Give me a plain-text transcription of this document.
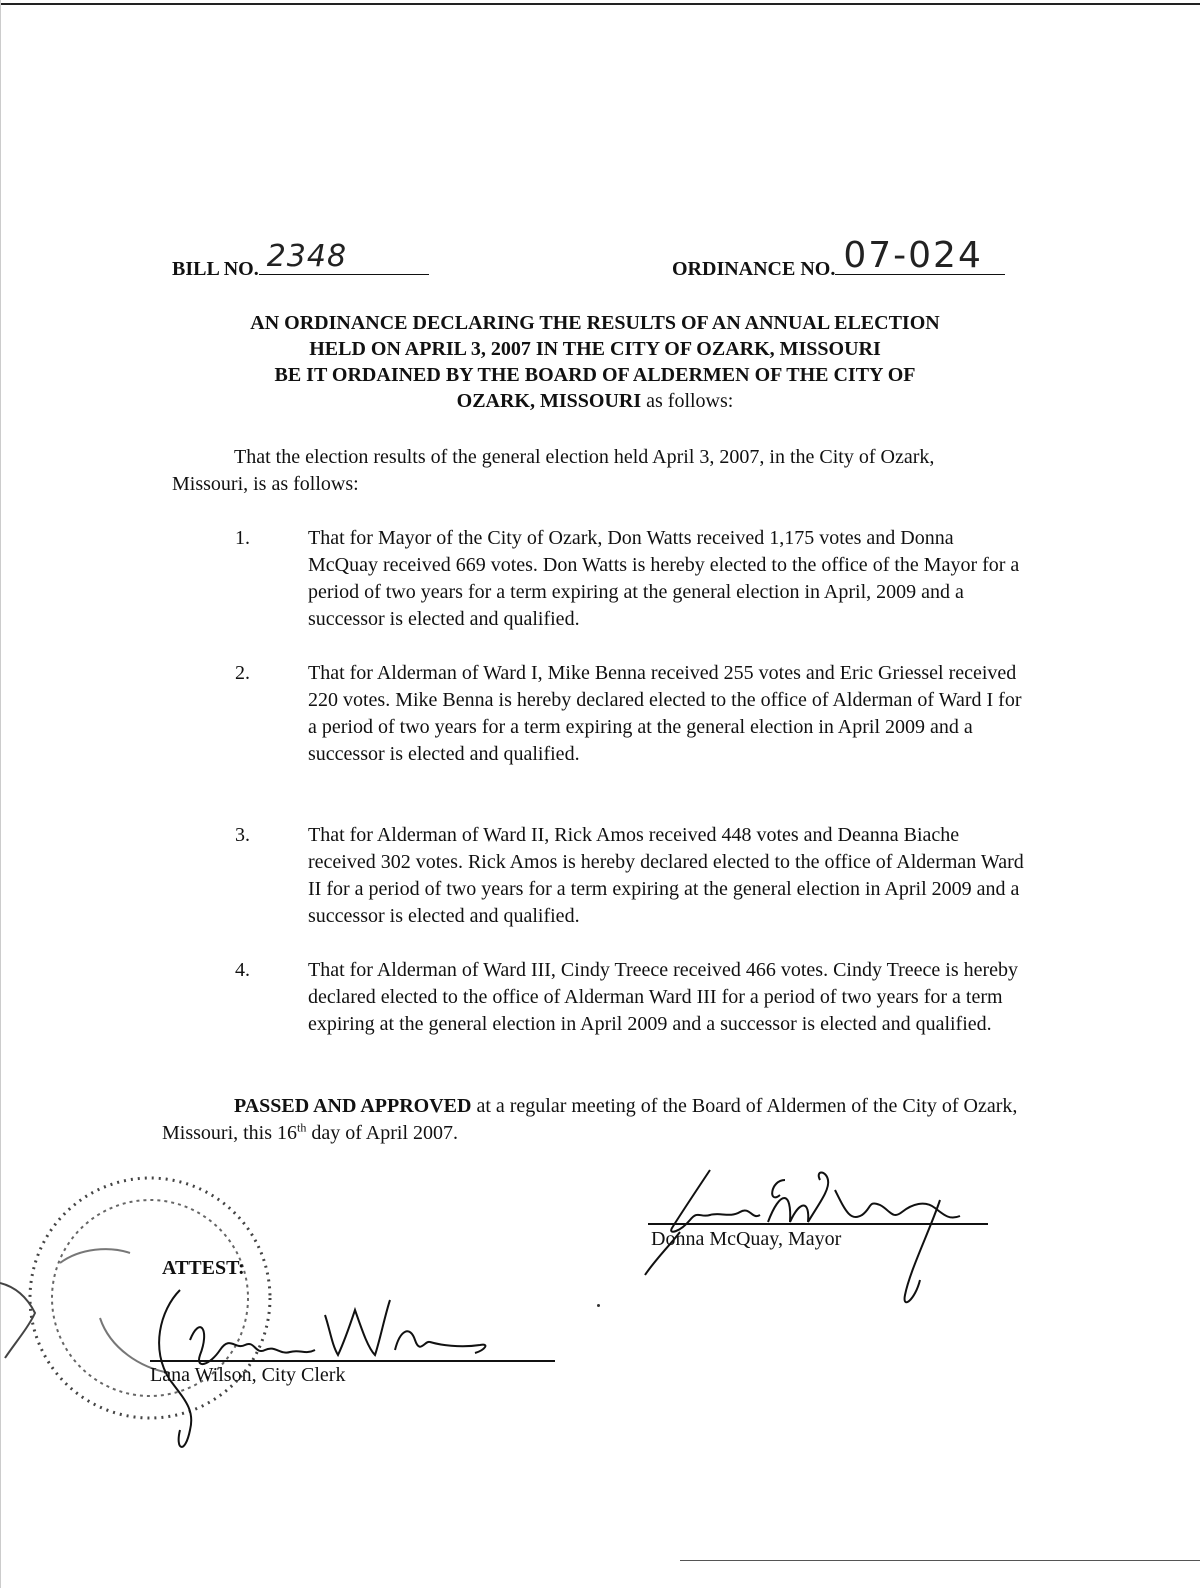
BILL NO. 2348	ORDINANCE NO. 07-024
AN ORDINANCE DECLARING THE RESULTS OF AN ANNUAL ELECTION
HELD ON APRIL 3, 2007 IN THE CITY OF OZARK, MISSOURI
BE IT ORDAINED BY THE BOARD OF ALDERMEN OF THE CITY OF
OZARK, MISSOURI as follows:
That the election results of the general election held April 3, 2007, in the City of Ozark, Missouri, is as follows:
1.	That for Mayor of the City of Ozark, Don Watts received 1,175 votes and Donna McQuay received 669 votes. Don Watts is hereby elected to the office of the Mayor for a period of two years for a term expiring at the general election in April, 2009 and a successor is elected and qualified.
2.	That for Alderman of Ward I, Mike Benna received 255 votes and Eric Griessel received 220 votes. Mike Benna is hereby declared elected to the office of Alderman of Ward I for a period of two years for a term expiring at the general election in April 2009 and a successor is elected and qualified.
3.	That for Alderman of Ward II, Rick Amos received 448 votes and Deanna Biache received 302 votes. Rick Amos is hereby declared elected to the office of Alderman Ward II for a period of two years for a term expiring at the general election in April 2009 and a successor is elected and qualified.
4.	That for Alderman of Ward III, Cindy Treece received 466 votes. Cindy Treece is hereby declared elected to the office of Alderman Ward III for a period of two years for a term expiring at the general election in April 2009 and a successor is elected and qualified.
PASSED AND APPROVED at a regular meeting of the Board of Aldermen of the City of Ozark, Missouri, this 16th day of April 2007.
Donna McQuay, Mayor
ATTEST:
Lana Wilson, City Clerk
